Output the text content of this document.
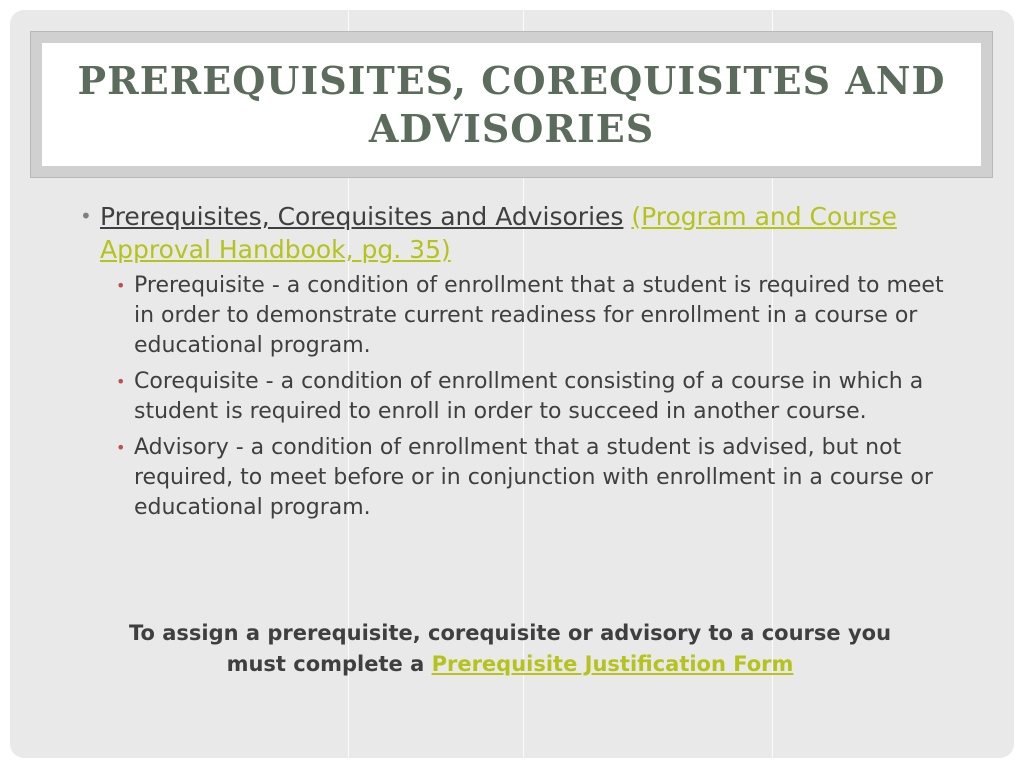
PREREQUISITES, COREQUISITES AND ADVISORIES

• Prerequisites, Corequisites and Advisories (Program and Course Approval Handbook, pg. 35)

• Prerequisite - a condition of enrollment that a student is required to meet in order to demonstrate current readiness for enrollment in a course or educational program.
• Corequisite - a condition of enrollment consisting of a course in which a student is required to enroll in order to succeed in another course.
• Advisory - a condition of enrollment that a student is advised, but not required, to meet before or in conjunction with enrollment in a course or educational program.
To assign a prerequisite, corequisite or advisory to a course you must complete a Prerequisite Justification Form
